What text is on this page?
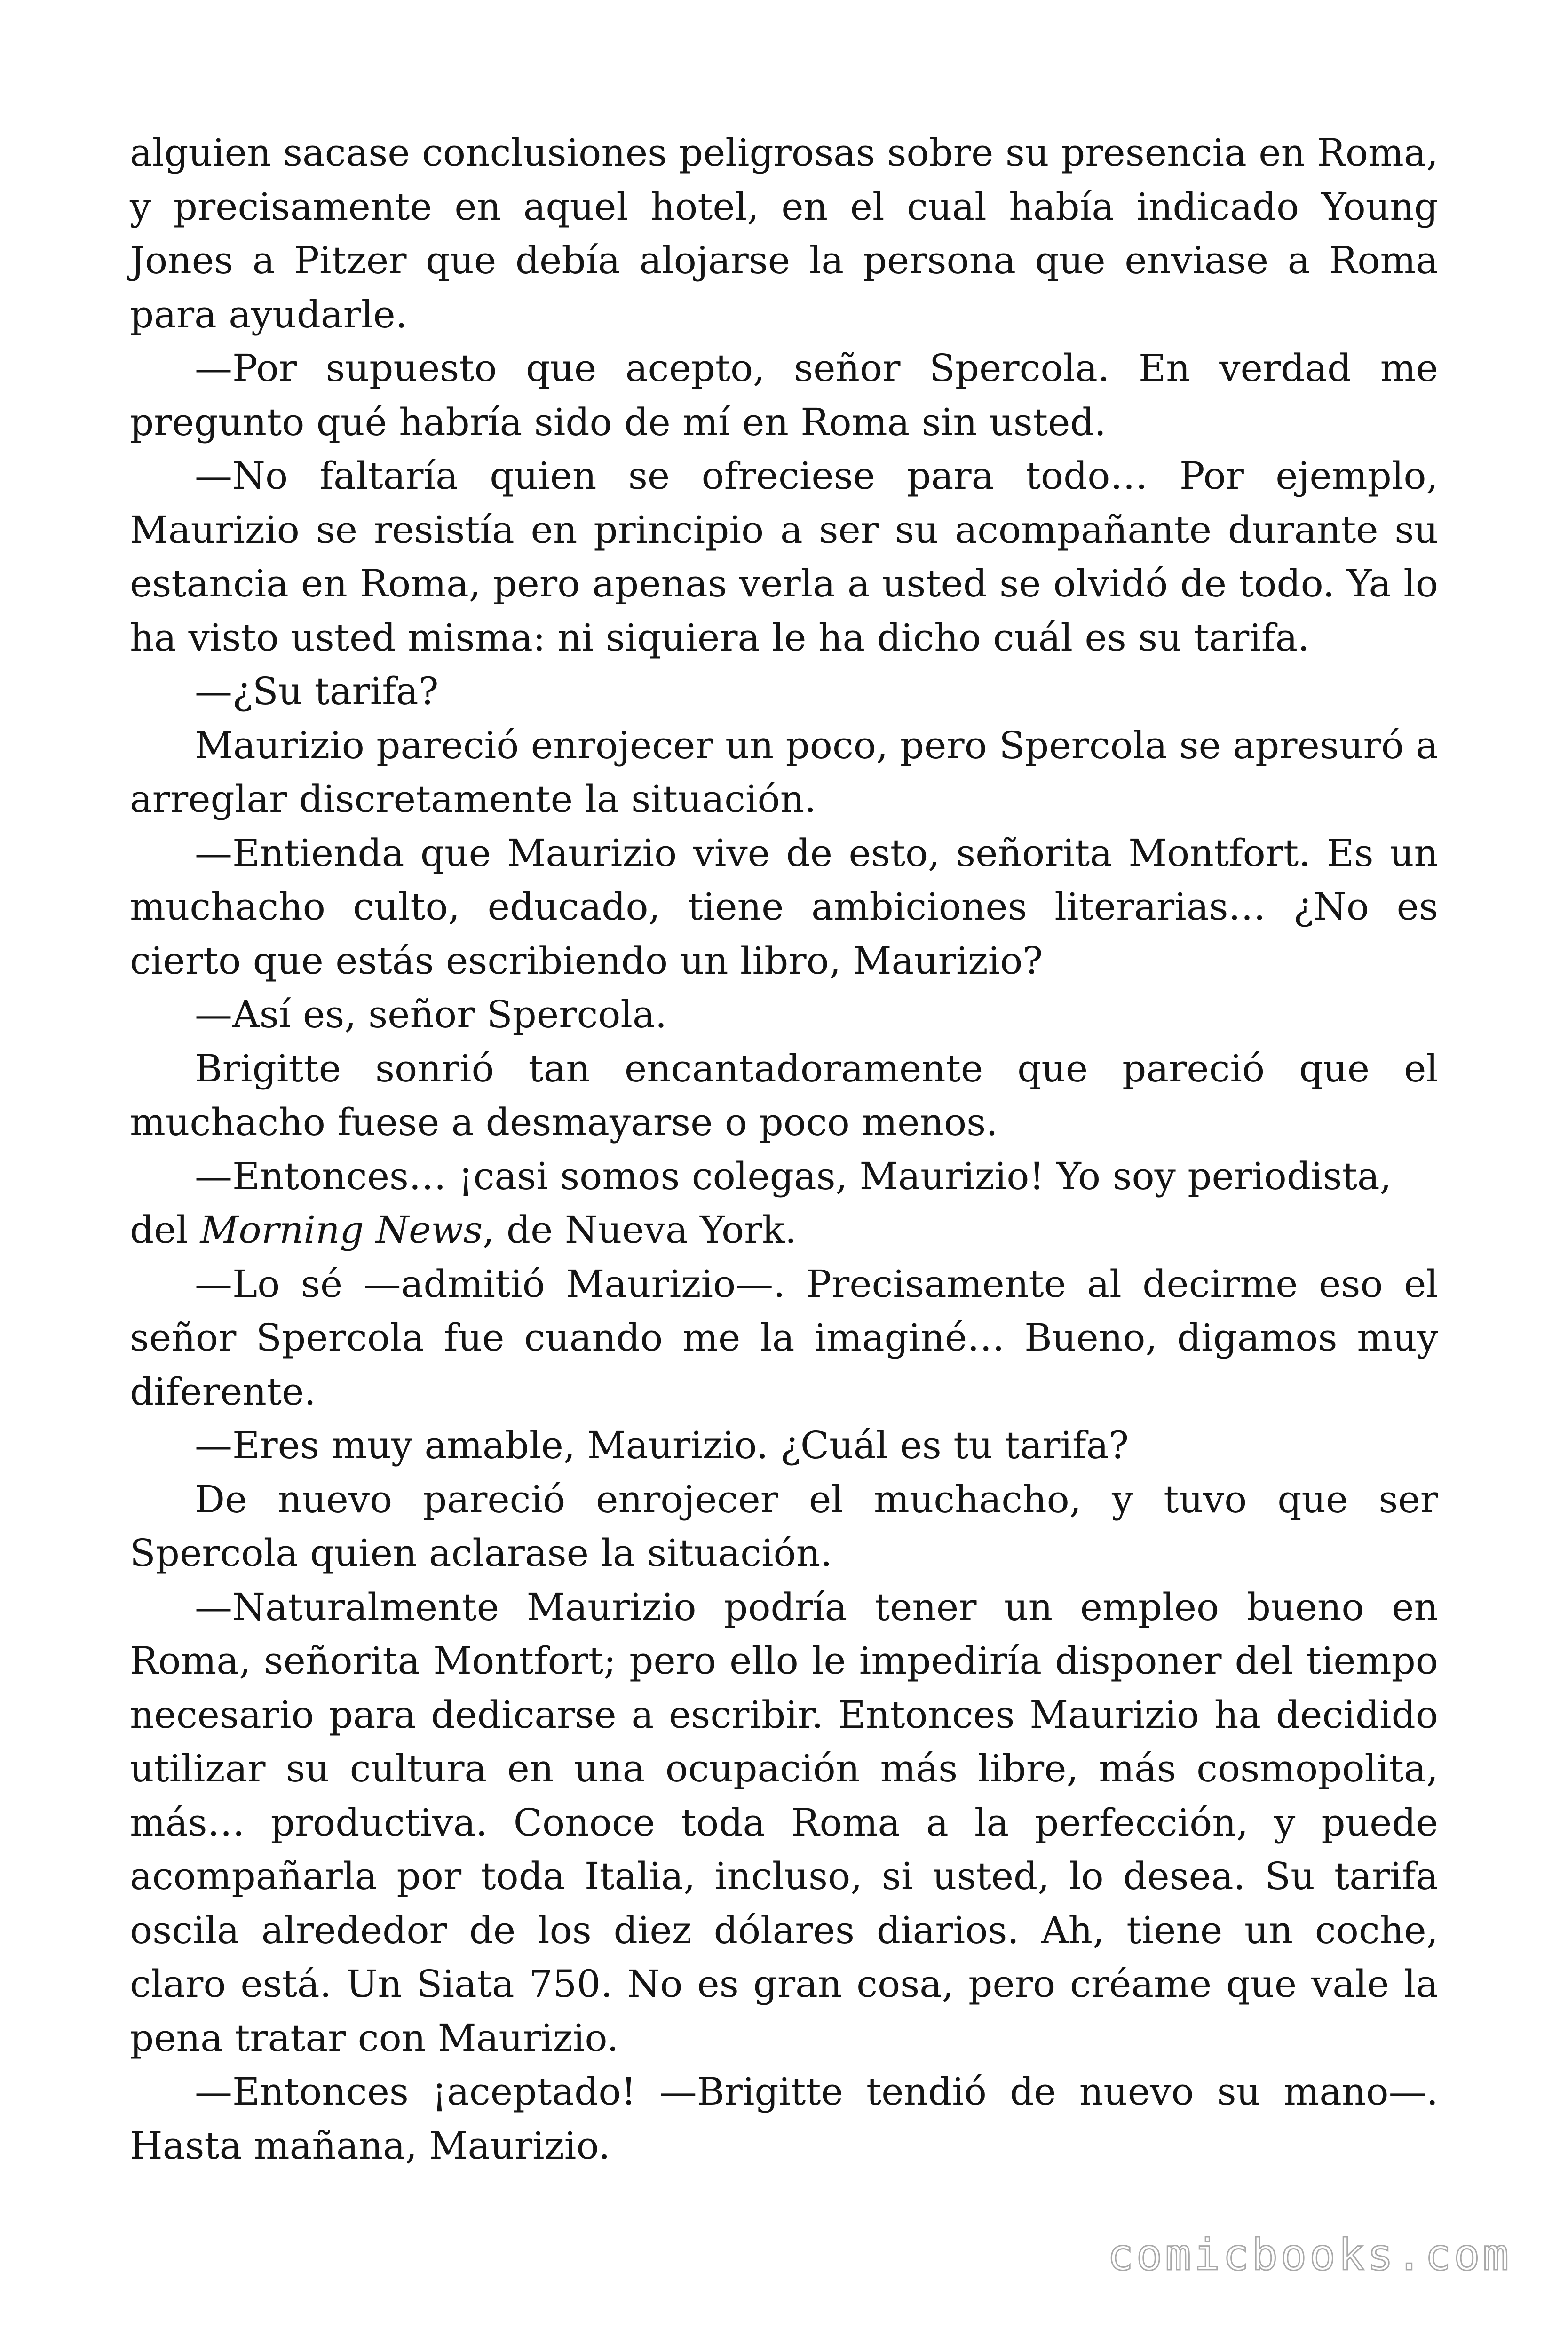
alguien sacase conclusiones peligrosas sobre su presencia en Roma, y precisamente en aquel hotel, en el cual había indicado Young Jones a Pitzer que debía alojarse la persona que enviase a Roma para ayudarle.

—Por supuesto que acepto, señor Spercola. En verdad me pregunto qué habría sido de mí en Roma sin usted.

—No faltaría quien se ofreciese para todo… Por ejemplo, Maurizio se resistía en principio a ser su acompañante durante su estancia en Roma, pero apenas verla a usted se olvidó de todo. Ya lo ha visto usted misma: ni siquiera le ha dicho cuál es su tarifa.

—¿Su tarifa?

Maurizio pareció enrojecer un poco, pero Spercola se apresuró a arreglar discretamente la situación.

—Entienda que Maurizio vive de esto, señorita Montfort. Es un muchacho culto, educado, tiene ambiciones literarias… ¿No es cierto que estás escribiendo un libro, Maurizio?

—Así es, señor Spercola.

Brigitte sonrió tan encantadoramente que pareció que el muchacho fuese a desmayarse o poco menos.

—Entonces… ¡casi somos colegas, Maurizio! Yo soy periodista,
del Morning News, de Nueva York.

—Lo sé —admitió Maurizio—. Precisamente al decirme eso el señor Spercola fue cuando me la imaginé… Bueno, digamos muy diferente.

—Eres muy amable, Maurizio. ¿Cuál es tu tarifa?

De nuevo pareció enrojecer el muchacho, y tuvo que ser Spercola quien aclarase la situación.

—Naturalmente Maurizio podría tener un empleo bueno en Roma, señorita Montfort; pero ello le impediría disponer del tiempo necesario para dedicarse a escribir. Entonces Maurizio ha decidido utilizar su cultura en una ocupación más libre, más cosmopolita, más… productiva. Conoce toda Roma a la perfección, y puede acompañarla por toda Italia, incluso, si usted, lo desea. Su tarifa oscila alrededor de los diez dólares diarios. Ah, tiene un coche, claro está. Un Siata 750. No es gran cosa, pero créame que vale la pena tratar con Maurizio.

—Entonces ¡aceptado! —Brigitte tendió de nuevo su mano—. Hasta mañana, Maurizio.

comicbooks.com
